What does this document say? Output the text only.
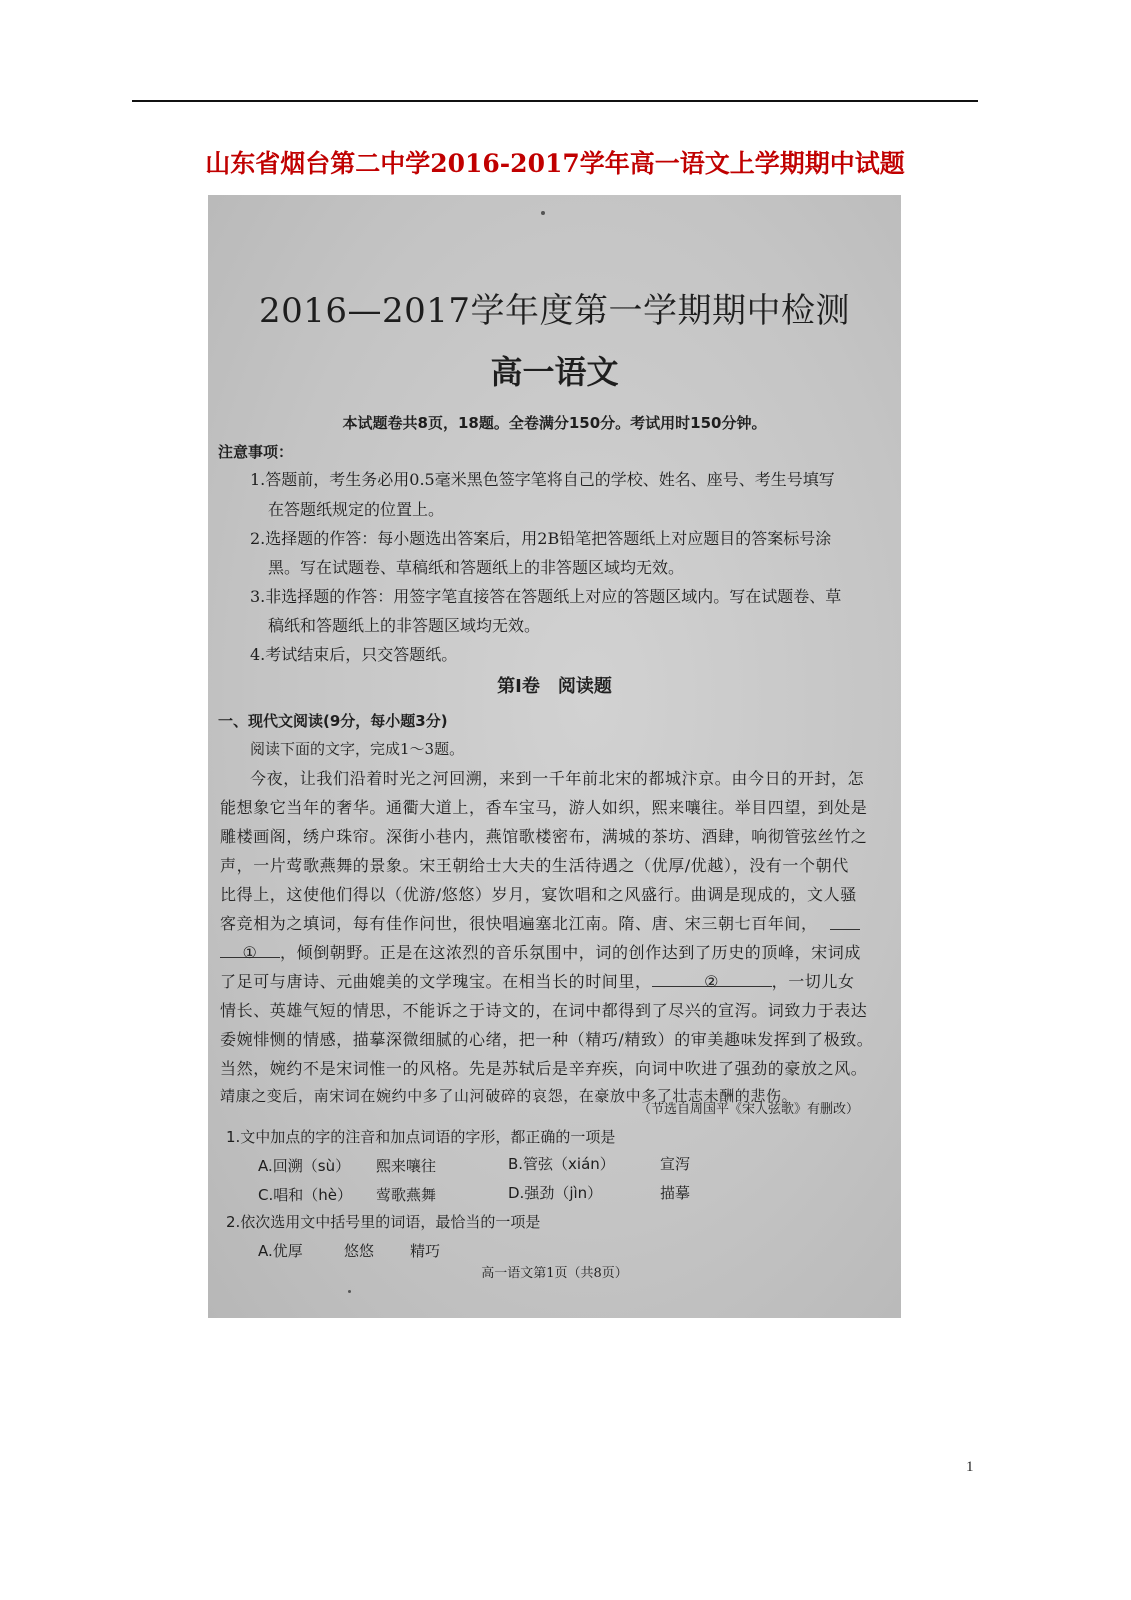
山东省烟台第二中学2016-2017学年高一语文上学期期中试题
2016—2017学年度第一学期期中检测
高一语文
本试题卷共8页，18题。全卷满分150分。考试用时150分钟。
注意事项：
1.答题前，考生务必用0.5毫米黑色签字笔将自己的学校、姓名、座号、考生号填写
在答题纸规定的位置上。
2.选择题的作答：每小题选出答案后，用2B铅笔把答题纸上对应题目的答案标号涂
黑。写在试题卷、草稿纸和答题纸上的非答题区域均无效。
3.非选择题的作答：用签字笔直接答在答题纸上对应的答题区域内。写在试题卷、草
稿纸和答题纸上的非答题区域均无效。
4.考试结束后，只交答题纸。
第Ⅰ卷　阅读题
一、现代文阅读(9分，每小题3分)
阅读下面的文字，完成1～3题。
今夜，让我们沿着时光之河回溯，来到一千年前北宋的都城汴京。由今日的开封，怎
能想象它当年的奢华。通衢大道上，香车宝马，游人如织，熙来嚷往。举目四望，到处是
雕楼画阁，绣户珠帘。深街小巷内，燕馆歌楼密布，满城的茶坊、酒肆，响彻管弦丝竹之
声，一片莺歌燕舞的景象。宋王朝给士大夫的生活待遇之（优厚/优越），没有一个朝代
比得上，这使他们得以（优游/悠悠）岁月，宴饮唱和之风盛行。曲调是现成的，文人骚
客竞相为之填词，每有佳作问世，很快唱遍塞北江南。隋、唐、宋三朝七百年间，
① ，倾倒朝野。正是在这浓烈的音乐氛围中，词的创作达到了历史的顶峰，宋词成
了足可与唐诗、元曲媲美的文学瑰宝。在相当长的时间里，	②	，一切儿女
情长、英雄气短的情思，不能诉之于诗文的，在词中都得到了尽兴的宣泻。词致力于表达
委婉悱恻的情感，描摹深微细腻的心绪，把一种（精巧/精致）的审美趣味发挥到了极致。
当然，婉约不是宋词惟一的风格。先是苏轼后是辛弃疾，向词中吹进了强劲的豪放之风。
靖康之变后，南宋词在婉约中多了山河破碎的哀怨，在豪放中多了壮志未酬的悲伤。
（节选自周国平《宋人弦歌》有删改）
1.文中加点的字的注音和加点词语的字形，都正确的一项是
A.回溯（sù） 熙来嚷往	B.管弦（xián）	宣泻
C.唱和（hè） 莺歌燕舞	D.强劲（jìn）	描摹
2.依次选用文中括号里的词语，最恰当的一项是
A.优厚	悠悠 精巧
高一语文第1页（共8页）
1
